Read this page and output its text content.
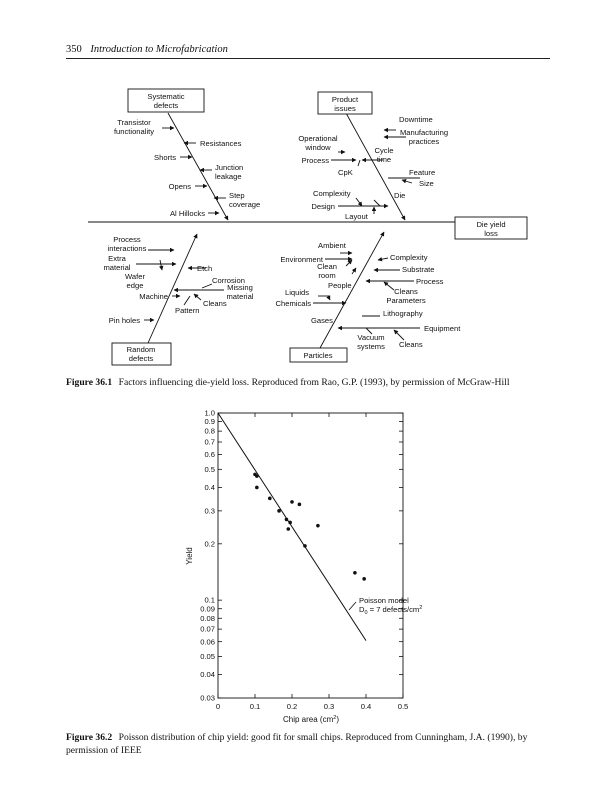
350 Introduction to Microfabrication
Systematic defects
Product issues
Die yield loss
Random defects	Particles
Transistor functionality
Resistances
Shorts
Junction leakage
Opens
Step coverage
Al Hillocks
Downtime
Manufacturing practices
Operational window
Process
Cycle time
CpK	Feature
Size
Complexity
Design
Die
Layout
Process interactions
Extra material
Wafer edge
Etch
Corrosion
Missing material
Machine
Cleans
Pattern
Pin holes
Ambient
Environment
Clean room
People
Liquids
Chemicals
Gases
Complexity
Substrate
Process
Cleans Parameters
Lithography
Equipment
Vacuum systems Cleans
Figure 36.1 Factors influencing die-yield loss. Reproduced from Rao, G.P. (1993), by permission of McGraw-Hill
1.0
0.9
0.8
0.7
0.6
0.5
0.4
0.3
0.2
0.1
0.09
0.08
0.07
0.06
0.05
0.04
0.03
0	0.1	0.2	0.3	0.4	0.5
Yield
Chip area $(cm^2)$
Poisson model
$D_0 = 7$ defects/$cm^2$
Figure 36.2 Poisson distribution of chip yield: good fit for small chips. Reproduced from Cunningham, J.A. (1990), by permission of IEEE
